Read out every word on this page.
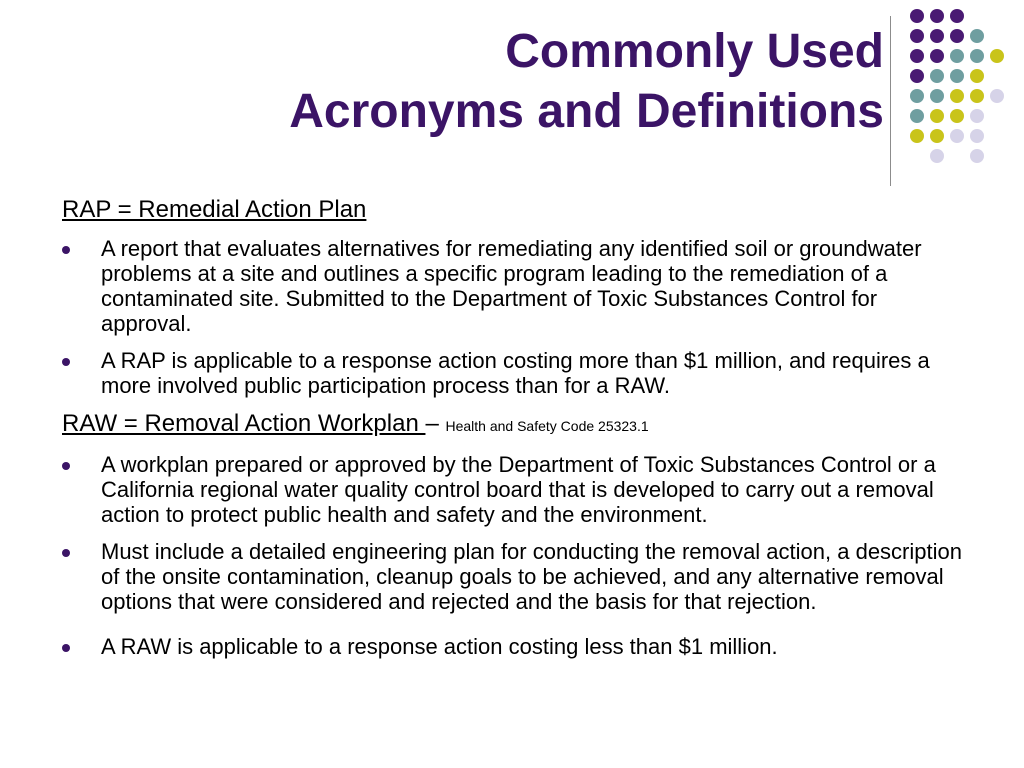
Commonly Used
Acronyms and Definitions
RAP = Remedial Action Plan
A report that evaluates alternatives for remediating any identified soil or groundwater problems at a site and outlines a specific program leading to the remediation of a contaminated site. Submitted to the Department of Toxic Substances Control for approval.
A RAP is applicable to a response action costing more than $1 million, and requires a more involved public participation process than for a RAW.
RAW = Removal Action Workplan – Health and Safety Code 25323.1
A workplan prepared or approved by the Department of Toxic Substances Control or a California regional water quality control board that is developed to carry out a removal action to protect public health and safety and the environment.
Must include a detailed engineering plan for conducting the removal action, a description of the onsite contamination, cleanup goals to be achieved, and any alternative removal options that were considered and rejected and the basis for that rejection.
A RAW is applicable to a response action costing less than $1 million.
